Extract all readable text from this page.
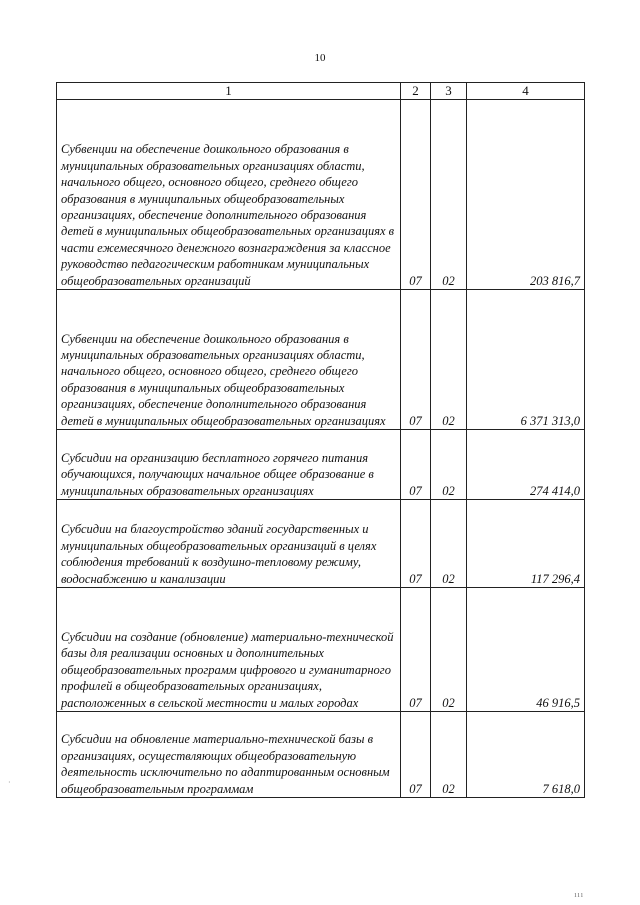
10
1	2	3	4
Субвенции на обеспечение дошкольного образования в муниципальных образовательных организациях области, начального общего, основного общего, среднего общего образования в муниципальных общеобразовательных организациях, обеспечение дополнительного образования детей в муниципальных общеобразовательных организациях в части ежемесячного денежного вознаграждения за классное руководство педагогическим работникам муниципальных общеобразовательных организаций	07	02	203 816,7
Субвенции на обеспечение дошкольного образования в муниципальных образовательных организациях области, начального общего, основного общего, среднего общего образования в муниципальных общеобразовательных организациях, обеспечение дополнительного образования детей в муниципальных общеобразовательных организациях	07	02	6 371 313,0
Субсидии на организацию бесплатного горячего питания обучающихся, получающих начальное общее образование в муниципальных образовательных организациях	07	02	274 414,0
Субсидии на благоустройство зданий государственных и муниципальных общеобразовательных организаций в целях соблюдения требований к воздушно-тепловому режиму, водоснабжению и канализации	07	02	117 296,4
Субсидии на создание (обновление) материально-технической базы для реализации основных и дополнительных общеобразовательных программ цифрового и гуманитарного профилей в общеобразовательных организациях, расположенных в сельской местности и малых городах	07	02	46 916,5
Субсидии на обновление материально-технической базы в организациях, осуществляющих общеобразовательную деятельность исключительно по адаптированным основным общеобразовательным программам	07	02	7 618,0
·
ııı
